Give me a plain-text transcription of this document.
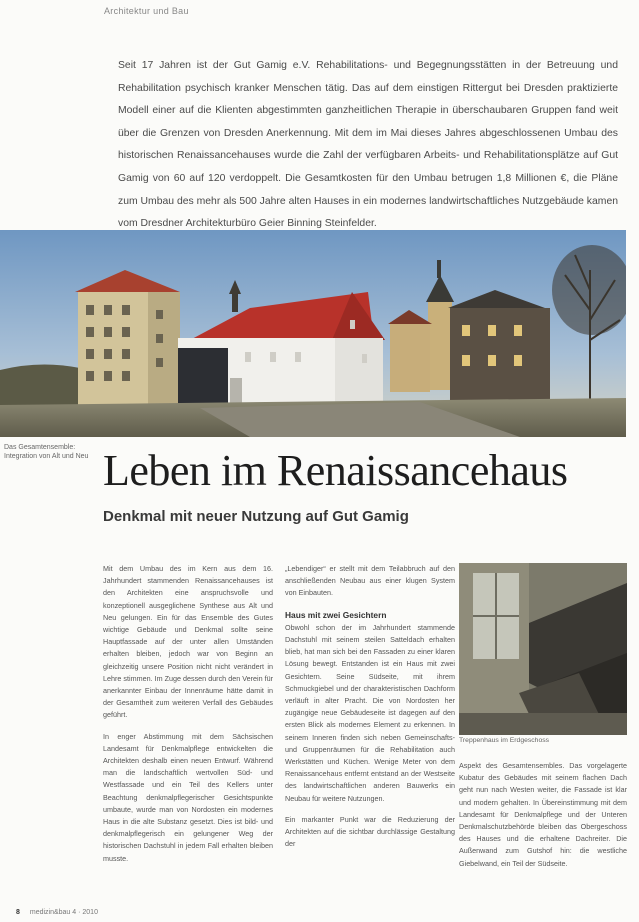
Architektur und Bau
Seit 17 Jahren ist der Gut Gamig e.V. Rehabilitations- und Begegnungsstätten in der Betreuung und Rehabilitation psychisch kranker Menschen tätig. Das auf dem einstigen Rittergut bei Dresden praktizierte Modell einer auf die Klienten abgestimmten ganzheitlichen Therapie in überschaubaren Gruppen fand weit über die Grenzen von Dresden Anerkennung. Mit dem im Mai dieses Jahres abgeschlossenen Umbau des historischen Renaissancehauses wurde die Zahl der verfügbaren Arbeits- und Rehabilitationsplätze auf Gut Gamig von 60 auf 120 verdoppelt. Die Gesamtkosten für den Umbau betrugen 1,8 Millionen €, die Pläne zum Umbau des mehr als 500 Jahre alten Hauses in ein modernes landwirtschaftliches Nutzgebäude kamen vom Dresdner Architekturbüro Geier Binning Steinfelder.
Das Gesamtensemble: Integration von Alt und Neu Leben im Renaissancehaus
Denkmal mit neuer Nutzung auf Gut Gamig

Mit dem Umbau des im Kern aus dem 16. Jahrhundert stammenden Renaissancehauses ist den Architekten eine anspruchsvolle und konzeptionell ausgeglichene Synthese aus Alt und Neu gelungen. Ein für das Ensemble des Gutes wichtige Gebäude und Denkmal sollte seine Hauptfassade auf der unter allen Umständen erhalten bleiben, jedoch war von Beginn an gleichzeitig unsere Position nicht nicht verändert in Lehre stimmen. Im Zuge dessen durch den Verein für anerkannter Einbau der Innenräume hätte damit in der Gesamtheit zum weiteren Verfall des Gebäudes geführt.

In enger Abstimmung mit dem Sächsischen Landesamt für Denkmalpflege entwickelten die Architekten deshalb einen neuen Entwurf. Während man die landschaftlich wertvollen Süd- und Westfassade und ein Teil des Kellers unter Beachtung denkmalpflegerischer Gesichtspunkte umbaute, wurde man von Nordosten ein modernes Haus in die alte Substanz gesetzt. Dies ist bild- und denkmalpflegerisch ein gelungener Weg der historischen Dachstuhl in jedem Fall erhalten bleiben musste.

„Lebendiger“ er stellt mit dem Teilabbruch auf den anschließenden Neubau aus einer klugen System von Einbauten.

Haus mit zwei Gesichtern

Obwohl schon der im Jahrhundert stammende Dachstuhl mit seinem steilen Satteldach erhalten blieb, hat man sich bei den Fassaden zu einer klaren Lösung bewegt. Entstanden ist ein Haus mit zwei Gesichtern. Seine Südseite, mit ihrem Schmuckgiebel und der charakteristischen Dachform verläuft in alter Pracht. Die von Nordosten her zugängige neue Gebäudeseite ist dagegen auf den ersten Blick als modernes Element zu erkennen. In seinem Inneren finden sich neben Gemeinschafts- und Gruppenräumen für die Rehabilitation auch Werkstätten und Küchen. Wenige Meter von dem Renaissancehaus entfernt entstand an der Westseite des landwirtschaftlichen anderen Bauwerks ein Neubau für weitere Nutzungen.

Ein markanter Punkt war die Reduzierung der Architekten auf die sichtbar durchlässige Gestaltung der

Treppenhaus im Erdgeschoss

Aspekt des Gesamtensembles. Das vorgelagerte Kubatur des Gebäudes mit seinem flachen Dach geht nun nach Westen weiter, die Fassade ist klar und modern gehalten. In Übereinstimmung mit dem Landesamt für Denkmalpflege und der Unteren Denkmalschutzbehörde bleiben das Obergeschoss des Hauses und die erhaltene Dachreiter. Die Außenwand zum Gutshof hin: die westliche Giebelwand, ein Teil der Südseite.

8 medizin&bau 4 · 2010
